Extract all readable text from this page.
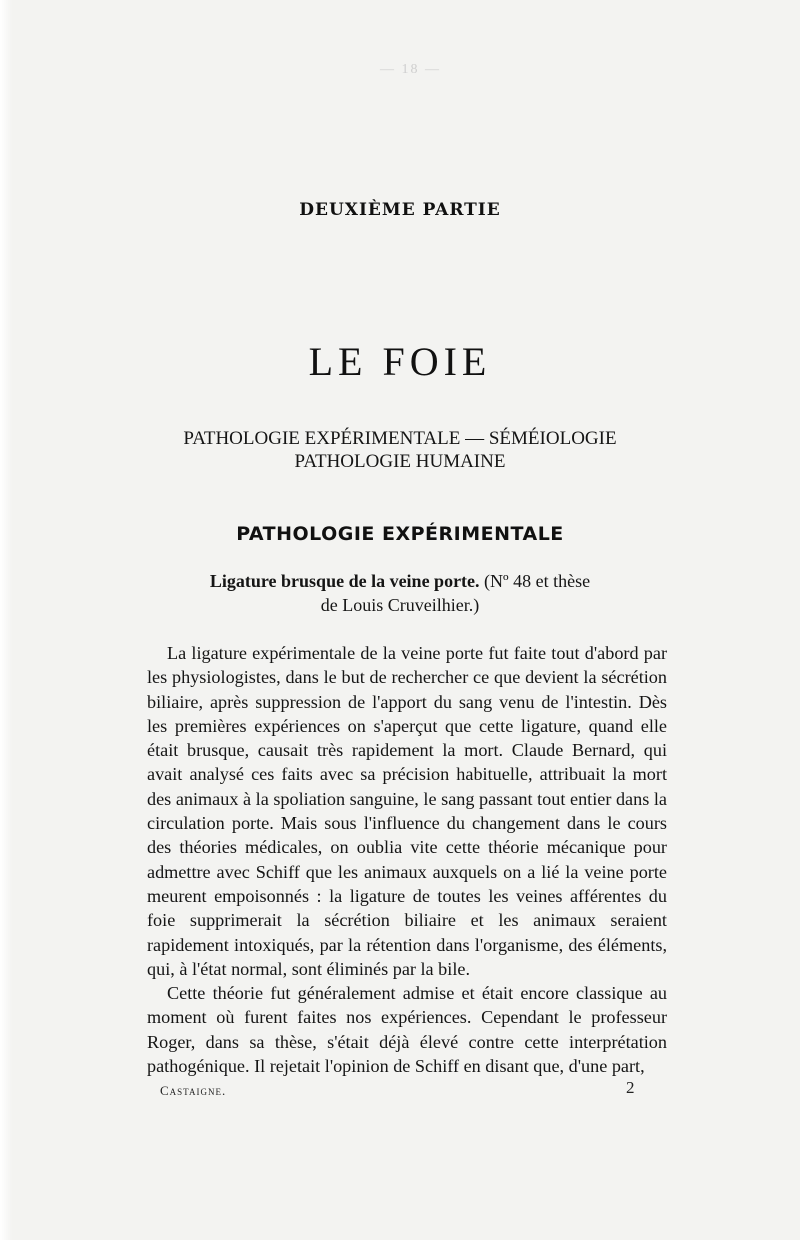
— 18 —
DEUXIÈME PARTIE
LE FOIE
PATHOLOGIE EXPÉRIMENTALE — SÉMÉIOLOGIE
PATHOLOGIE HUMAINE
PATHOLOGIE EXPÉRIMENTALE
Ligature brusque de la veine porte. (Nº 48 et thèse
de Louis Cruveilhier.)

La ligature expérimentale de la veine porte fut faite tout d'abord par les physiologistes, dans le but de rechercher ce que devient la sécrétion biliaire, après suppression de l'apport du sang venu de l'intestin. Dès les premières expériences on s'aperçut que cette ligature, quand elle était brusque, causait très rapidement la mort. Claude Bernard, qui avait analysé ces faits avec sa précision habituelle, attribuait la mort des animaux à la spoliation sanguine, le sang passant tout entier dans la circulation porte. Mais sous l'influence du changement dans le cours des théories médicales, on oublia vite cette théorie mécanique pour admettre avec Schiff que les animaux auxquels on a lié la veine porte meurent empoisonnés : la ligature de toutes les veines afférentes du foie supprimerait la sécrétion biliaire et les animaux seraient rapidement intoxiqués, par la rétention dans l'organisme, des éléments, qui, à l'état normal, sont éliminés par la bile.

Cette théorie fut généralement admise et était encore classique au moment où furent faites nos expériences. Cependant le professeur Roger, dans sa thèse, s'était déjà élevé contre cette interprétation pathogénique. Il rejetait l'opinion de Schiff en disant que, d'une part,

Castaigne.	2
